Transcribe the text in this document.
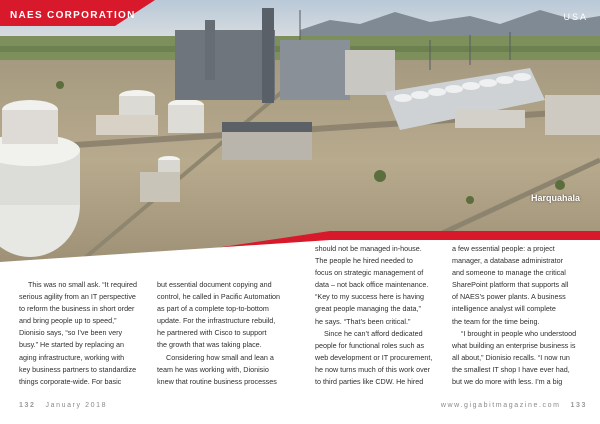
NAES CORPORATION	USA
Harquahala

This was no small ask. “It required

serious agility from an IT perspective

to reform the business in short order

and bring people up to speed,”

Dionisio says, “so I’ve been very

busy.” He started by replacing an

aging infrastructure, working with

key business partners to standardize

things corporate-wide. For basic

but essential document copying and

control, he called in Pacific Automation

as part of a complete top-to-bottom

update. For the infrastructure rebuild,

he partnered with Cisco to support

the growth that was taking place.

Considering how small and lean a

team he was working with, Dionisio

knew that routine business processes

should not be managed in-house.

The people he hired needed to

focus on strategic management of

data – not back office maintenance.

“Key to my success here is having

great people managing the data,”

he says. “That’s been critical.”

Since he can’t afford dedicated

people for functional roles such as

web development or IT procurement,

he now turns much of this work over

to third parties like CDW. He hired

a few essential people: a project

manager, a database administrator

and someone to manage the critical

SharePoint platform that supports all

of NAES’s power plants. A business

intelligence analyst will complete

the team for the time being.

“I brought in people who understood

what building an enterprise business is

all about,” Dionisio recalls. “I now run

the smallest IT shop I have ever had,

but we do more with less. I’m a big

132 January 2018	www.gigabitmagazine.com 133
